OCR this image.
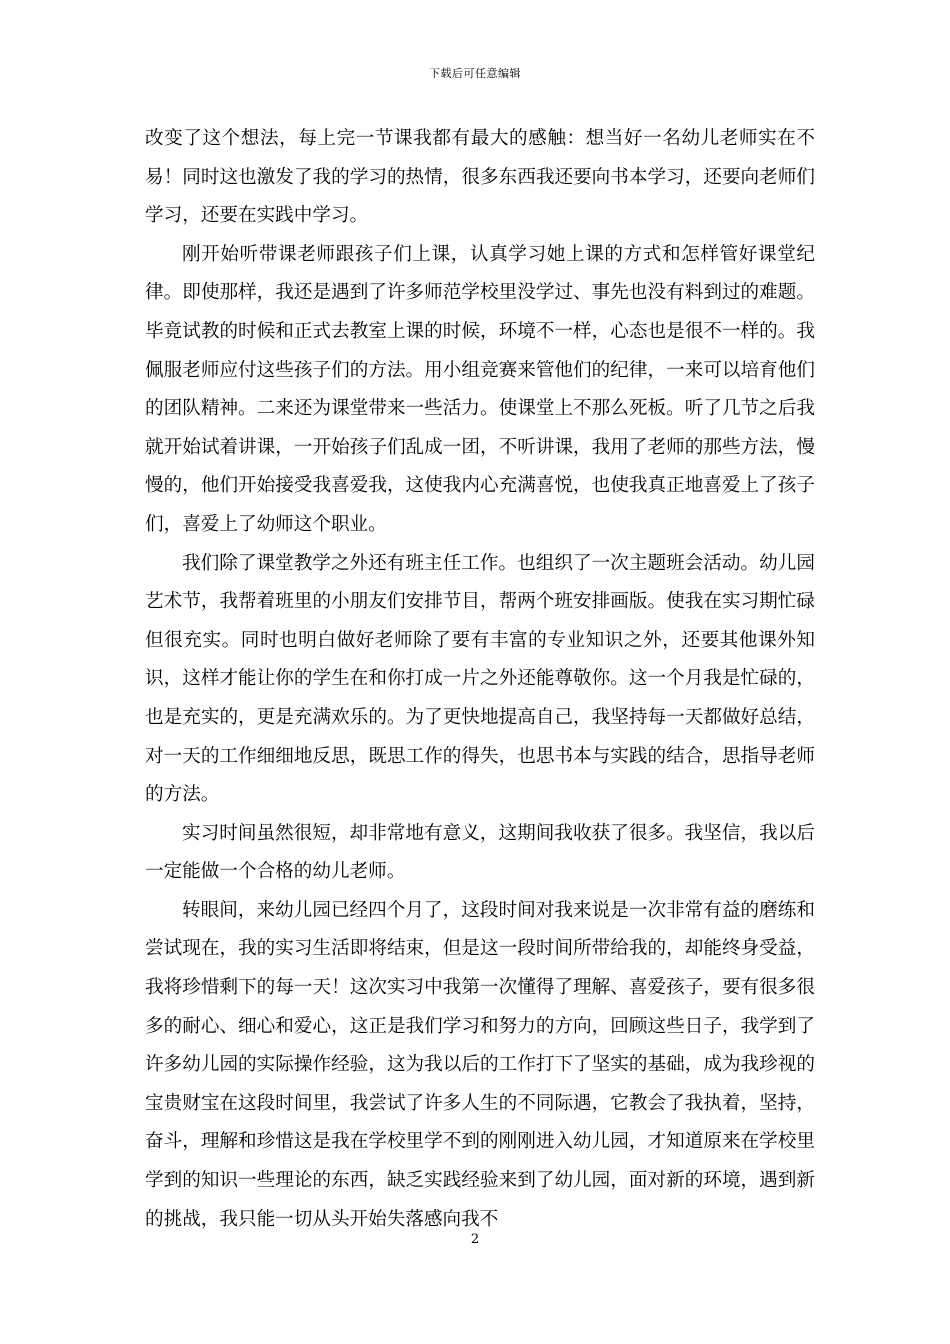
下载后可任意编辑

改变了这个想法，每上完一节课我都有最大的感触：想当好一名幼儿老师实在不易！同时这也激发了我的学习的热情，很多东西我还要向书本学习，还要向老师们学习，还要在实践中学习。

刚开始听带课老师跟孩子们上课，认真学习她上课的方式和怎样管好课堂纪律。即使那样，我还是遇到了许多师范学校里没学过、事先也没有料到过的难题。毕竟试教的时候和正式去教室上课的时候，环境不一样，心态也是很不一样的。我佩服老师应付这些孩子们的方法。用小组竞赛来管他们的纪律，一来可以培育他们的团队精神。二来还为课堂带来一些活力。使课堂上不那么死板。听了几节之后我就开始试着讲课，一开始孩子们乱成一团，不听讲课，我用了老师的那些方法，慢慢的，他们开始接受我喜爱我，这使我内心充满喜悦，也使我真正地喜爱上了孩子们，喜爱上了幼师这个职业。

我们除了课堂教学之外还有班主任工作。也组织了一次主题班会活动。幼儿园艺术节，我帮着班里的小朋友们安排节目，帮两个班安排画版。使我在实习期忙碌但很充实。同时也明白做好老师除了要有丰富的专业知识之外，还要其他课外知识，这样才能让你的学生在和你打成一片之外还能尊敬你。这一个月我是忙碌的，也是充实的，更是充满欢乐的。为了更快地提高自己，我坚持每一天都做好总结，对一天的工作细细地反思，既思工作的得失，也思书本与实践的结合，思指导老师的方法。

实习时间虽然很短，却非常地有意义，这期间我收获了很多。我坚信，我以后一定能做一个合格的幼儿老师。

转眼间，来幼儿园已经四个月了，这段时间对我来说是一次非常有益的磨练和尝试现在，我的实习生活即将结束，但是这一段时间所带给我的，却能终身受益，我将珍惜剩下的每一天！这次实习中我第一次懂得了理解、喜爱孩子，要有很多很多的耐心、细心和爱心，这正是我们学习和努力的方向，回顾这些日子，我学到了许多幼儿园的实际操作经验，这为我以后的工作打下了坚实的基础，成为我珍视的宝贵财宝在这段时间里，我尝试了许多人生的不同际遇，它教会了我执着，坚持，奋斗，理解和珍惜这是我在学校里学不到的刚刚进入幼儿园，才知道原来在学校里学到的知识一些理论的东西，缺乏实践经验来到了幼儿园，面对新的环境，遇到新的挑战，我只能一切从头开始失落感向我不

2
